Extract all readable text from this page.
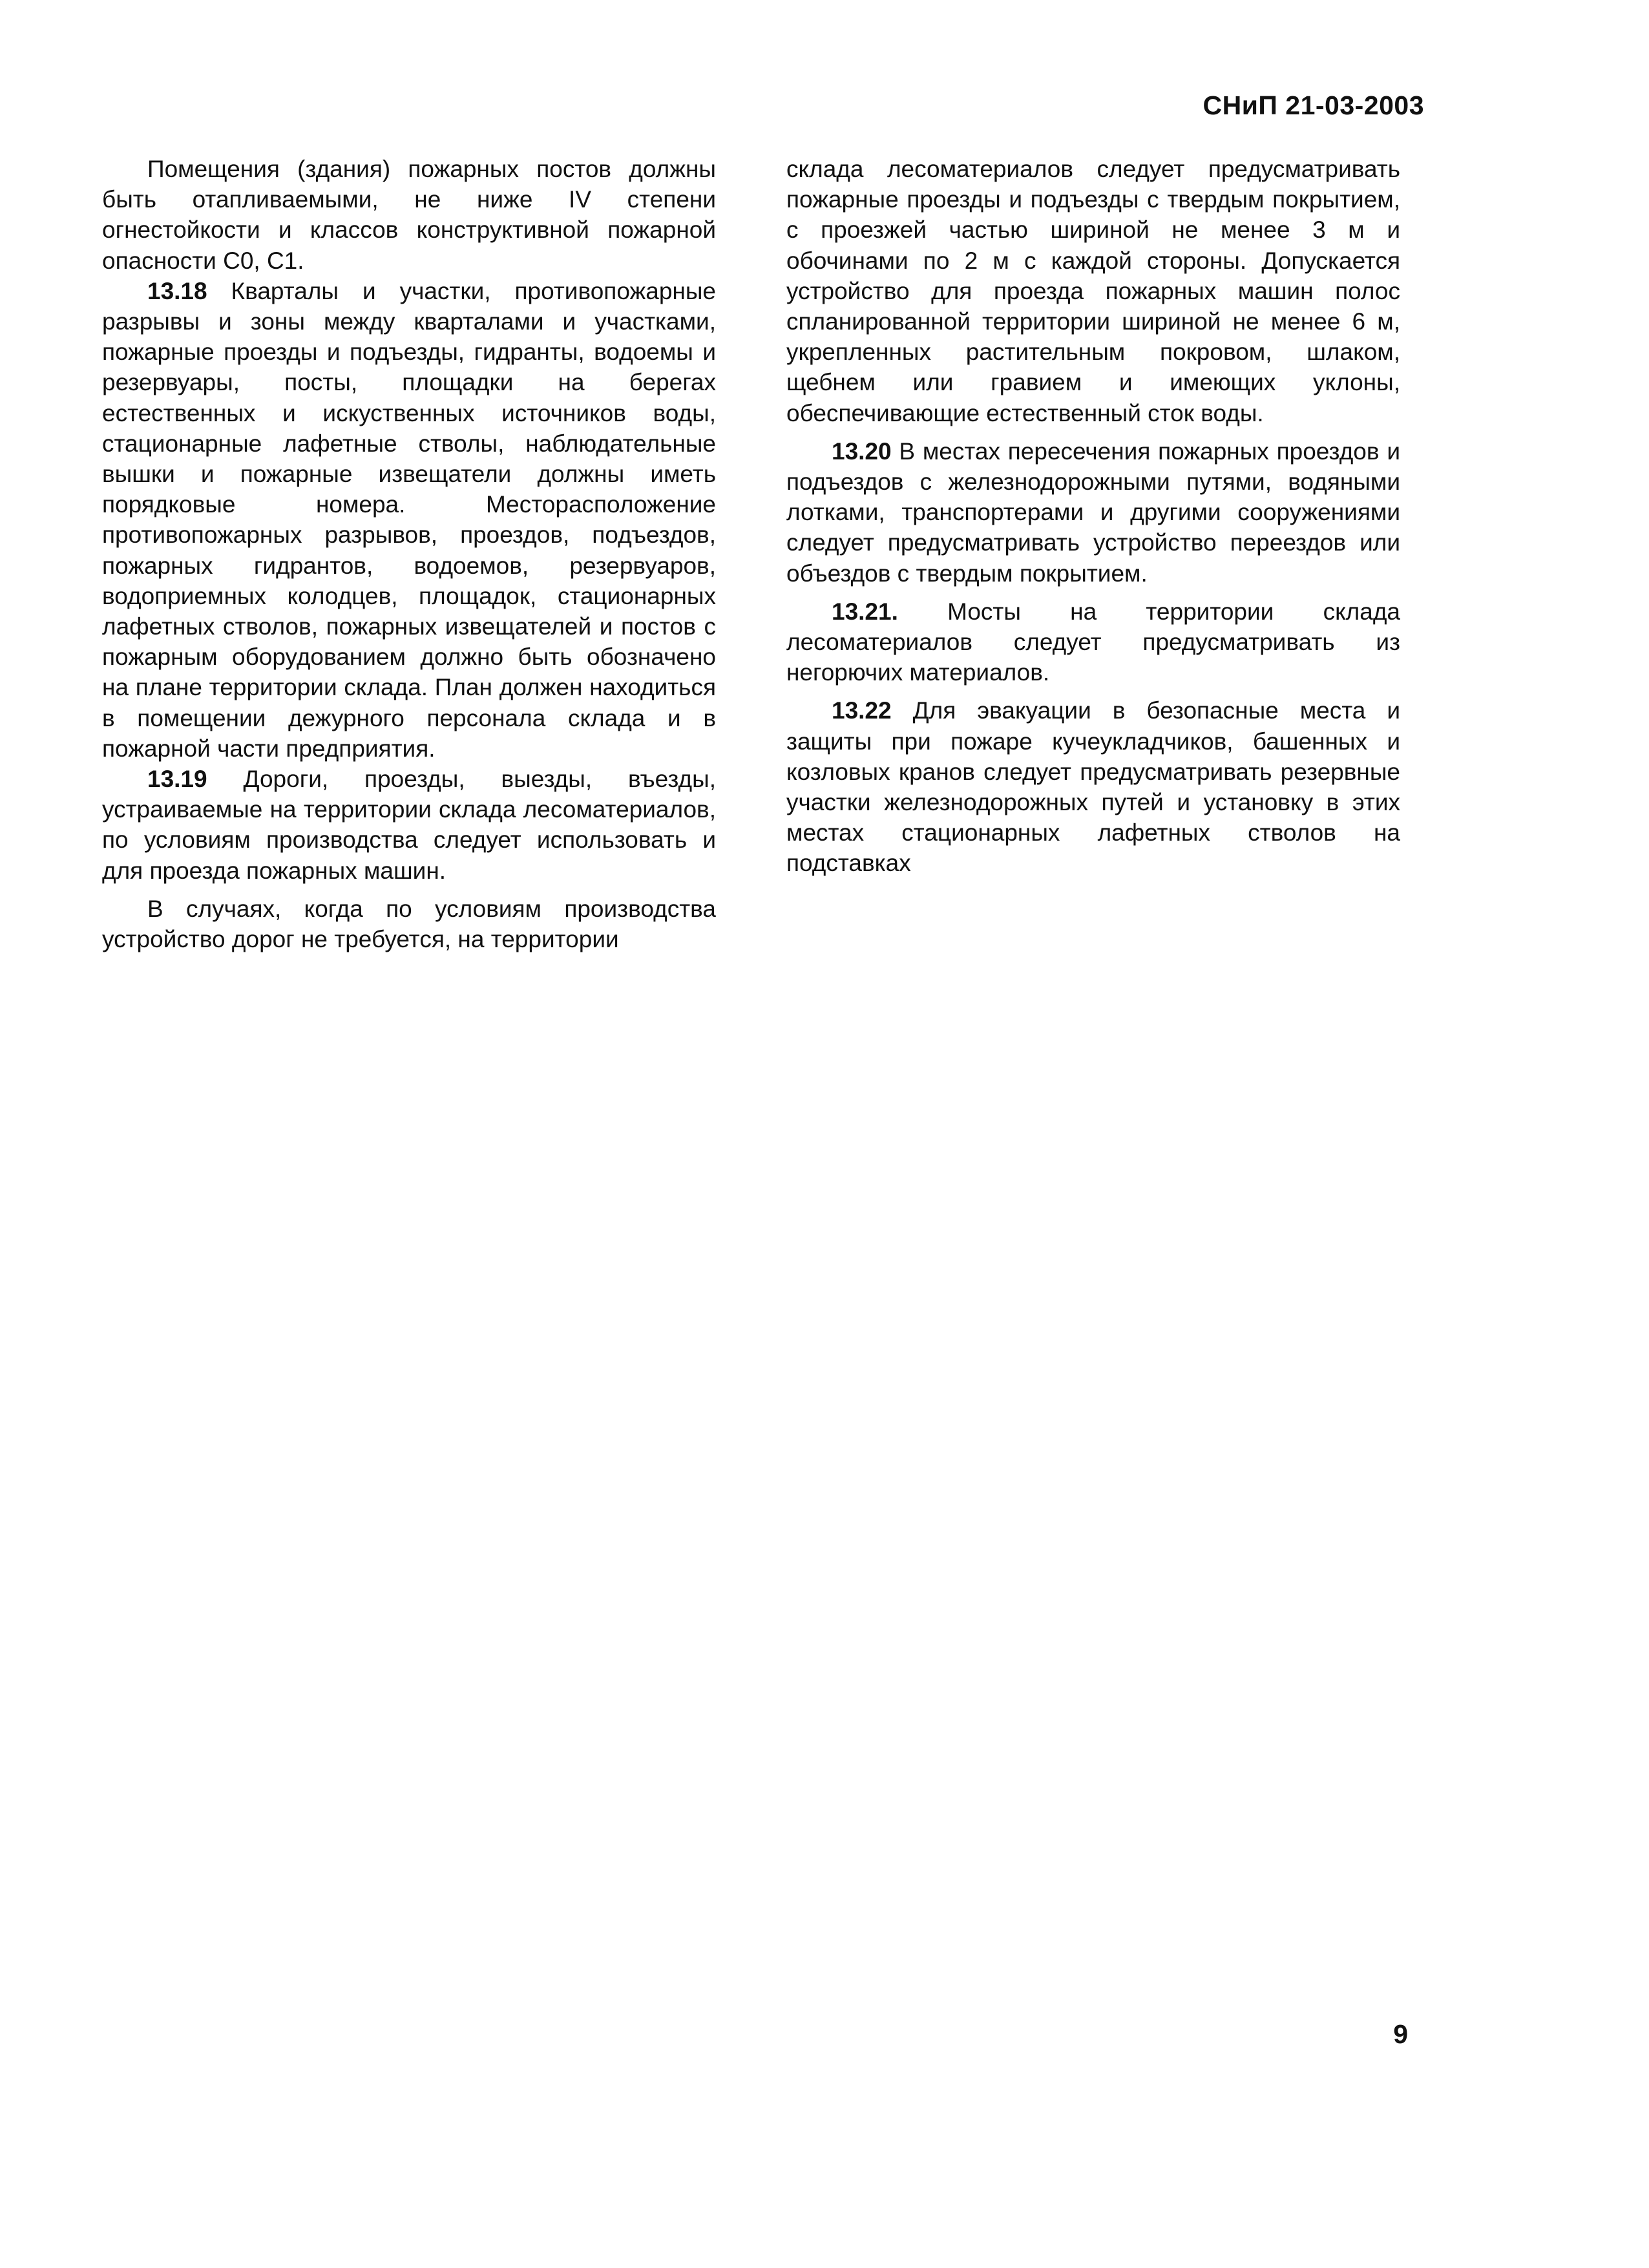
СНиП 21-03-2003

Помещения (здания) пожарных постов должны быть отапливаемыми, не ниже IV степени огнестойкости и классов конструктивной пожарной опасности С0, С1.

13.18 Кварталы и участки, противопожарные разрывы и зоны между кварталами и участками, пожарные проезды и подъезды, гидранты, водоемы и резервуары, посты, площадки на берегах естественных и искуственных источников воды, стационарные лафетные стволы, наблюдательные вышки и пожарные извещатели должны иметь порядковые номера. Месторасположение противопожарных разрывов, проездов, подъездов, пожарных гидрантов, водоемов, резервуаров, водоприемных колодцев, площадок, стационарных лафетных стволов, пожарных извещателей и постов с пожарным оборудованием должно быть обозначено на плане территории склада. План должен находиться в помещении дежурного персонала склада и в пожарной части предприятия.

13.19 Дороги, проезды, выезды, въезды, устраиваемые на территории склада лесоматериалов, по условиям производства следует использовать и для проезда пожарных машин.

В случаях, когда по условиям производства устройство дорог не требуется, на территории

склада лесоматериалов следует предусматривать пожарные проезды и подъезды с твердым покрытием, с проезжей частью шириной не менее 3 м и обочинами по 2 м с каждой стороны. Допускается устройство для проезда пожарных машин полос спланированной территории шириной не менее 6 м, укрепленных растительным покровом, шлаком, щебнем или гравием и имеющих уклоны, обеспечивающие естественный сток воды.

13.20 В местах пересечения пожарных проездов и подъездов с железнодорожными путями, водяными лотками, транспортерами и другими сооружениями следует предусматривать устройство переездов или объездов с твердым покрытием.

13.21. Мосты на территории склада лесоматериалов следует предусматривать из негорючих материалов.

13.22 Для эвакуации в безопасные места и защиты при пожаре кучеукладчиков, башенных и козловых кранов следует предусматривать резервные участки железнодорожных путей и установку в этих местах стационарных лафетных стволов на подставках

9
